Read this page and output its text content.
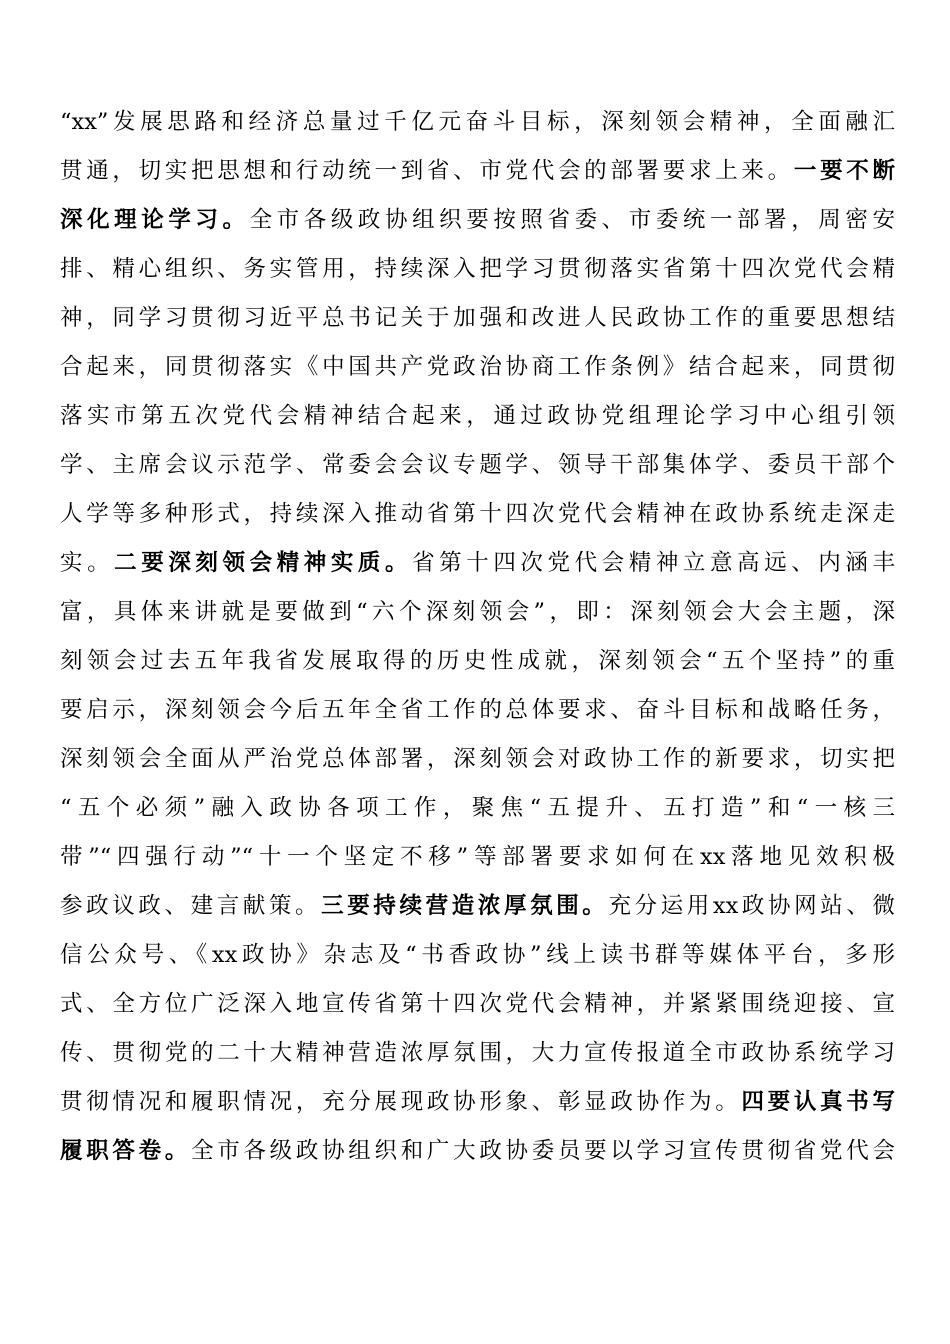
“xx”发展思路和经济总量过千亿元奋斗目标，深刻领会精神，全面融汇
贯通，切实把思想和行动统一到省、市党代会的部署要求上来。一要不断
深化理论学习。全市各级政协组织要按照省委、市委统一部署，周密安
排、精心组织、务实管用，持续深入把学习贯彻落实省第十四次党代会精
神，同学习贯彻习近平总书记关于加强和改进人民政协工作的重要思想结
合起来，同贯彻落实《中国共产党政治协商工作条例》结合起来，同贯彻
落实市第五次党代会精神结合起来，通过政协党组理论学习中心组引领
学、主席会议示范学、常委会会议专题学、领导干部集体学、委员干部个
人学等多种形式，持续深入推动省第十四次党代会精神在政协系统走深走
实。二要深刻领会精神实质。省第十四次党代会精神立意高远、内涵丰
富，具体来讲就是要做到“六个深刻领会”，即：深刻领会大会主题，深
刻领会过去五年我省发展取得的历史性成就，深刻领会“五个坚持”的重
要启示，深刻领会今后五年全省工作的总体要求、奋斗目标和战略任务，
深刻领会全面从严治党总体部署，深刻领会对政协工作的新要求，切实把
“五个必须”融入政协各项工作，聚焦“五提升、五打造”和“一核三
带”“四强行动”“十一个坚定不移”等部署要求如何在xx落地见效积极
参政议政、建言献策。三要持续营造浓厚氛围。充分运用xx政协网站、微
信公众号、《xx政协》杂志及“书香政协”线上读书群等媒体平台，多形
式、全方位广泛深入地宣传省第十四次党代会精神，并紧紧围绕迎接、宣
传、贯彻党的二十大精神营造浓厚氛围，大力宣传报道全市政协系统学习
贯彻情况和履职情况，充分展现政协形象、彰显政协作为。四要认真书写
履职答卷。全市各级政协组织和广大政协委员要以学习宣传贯彻省党代会
